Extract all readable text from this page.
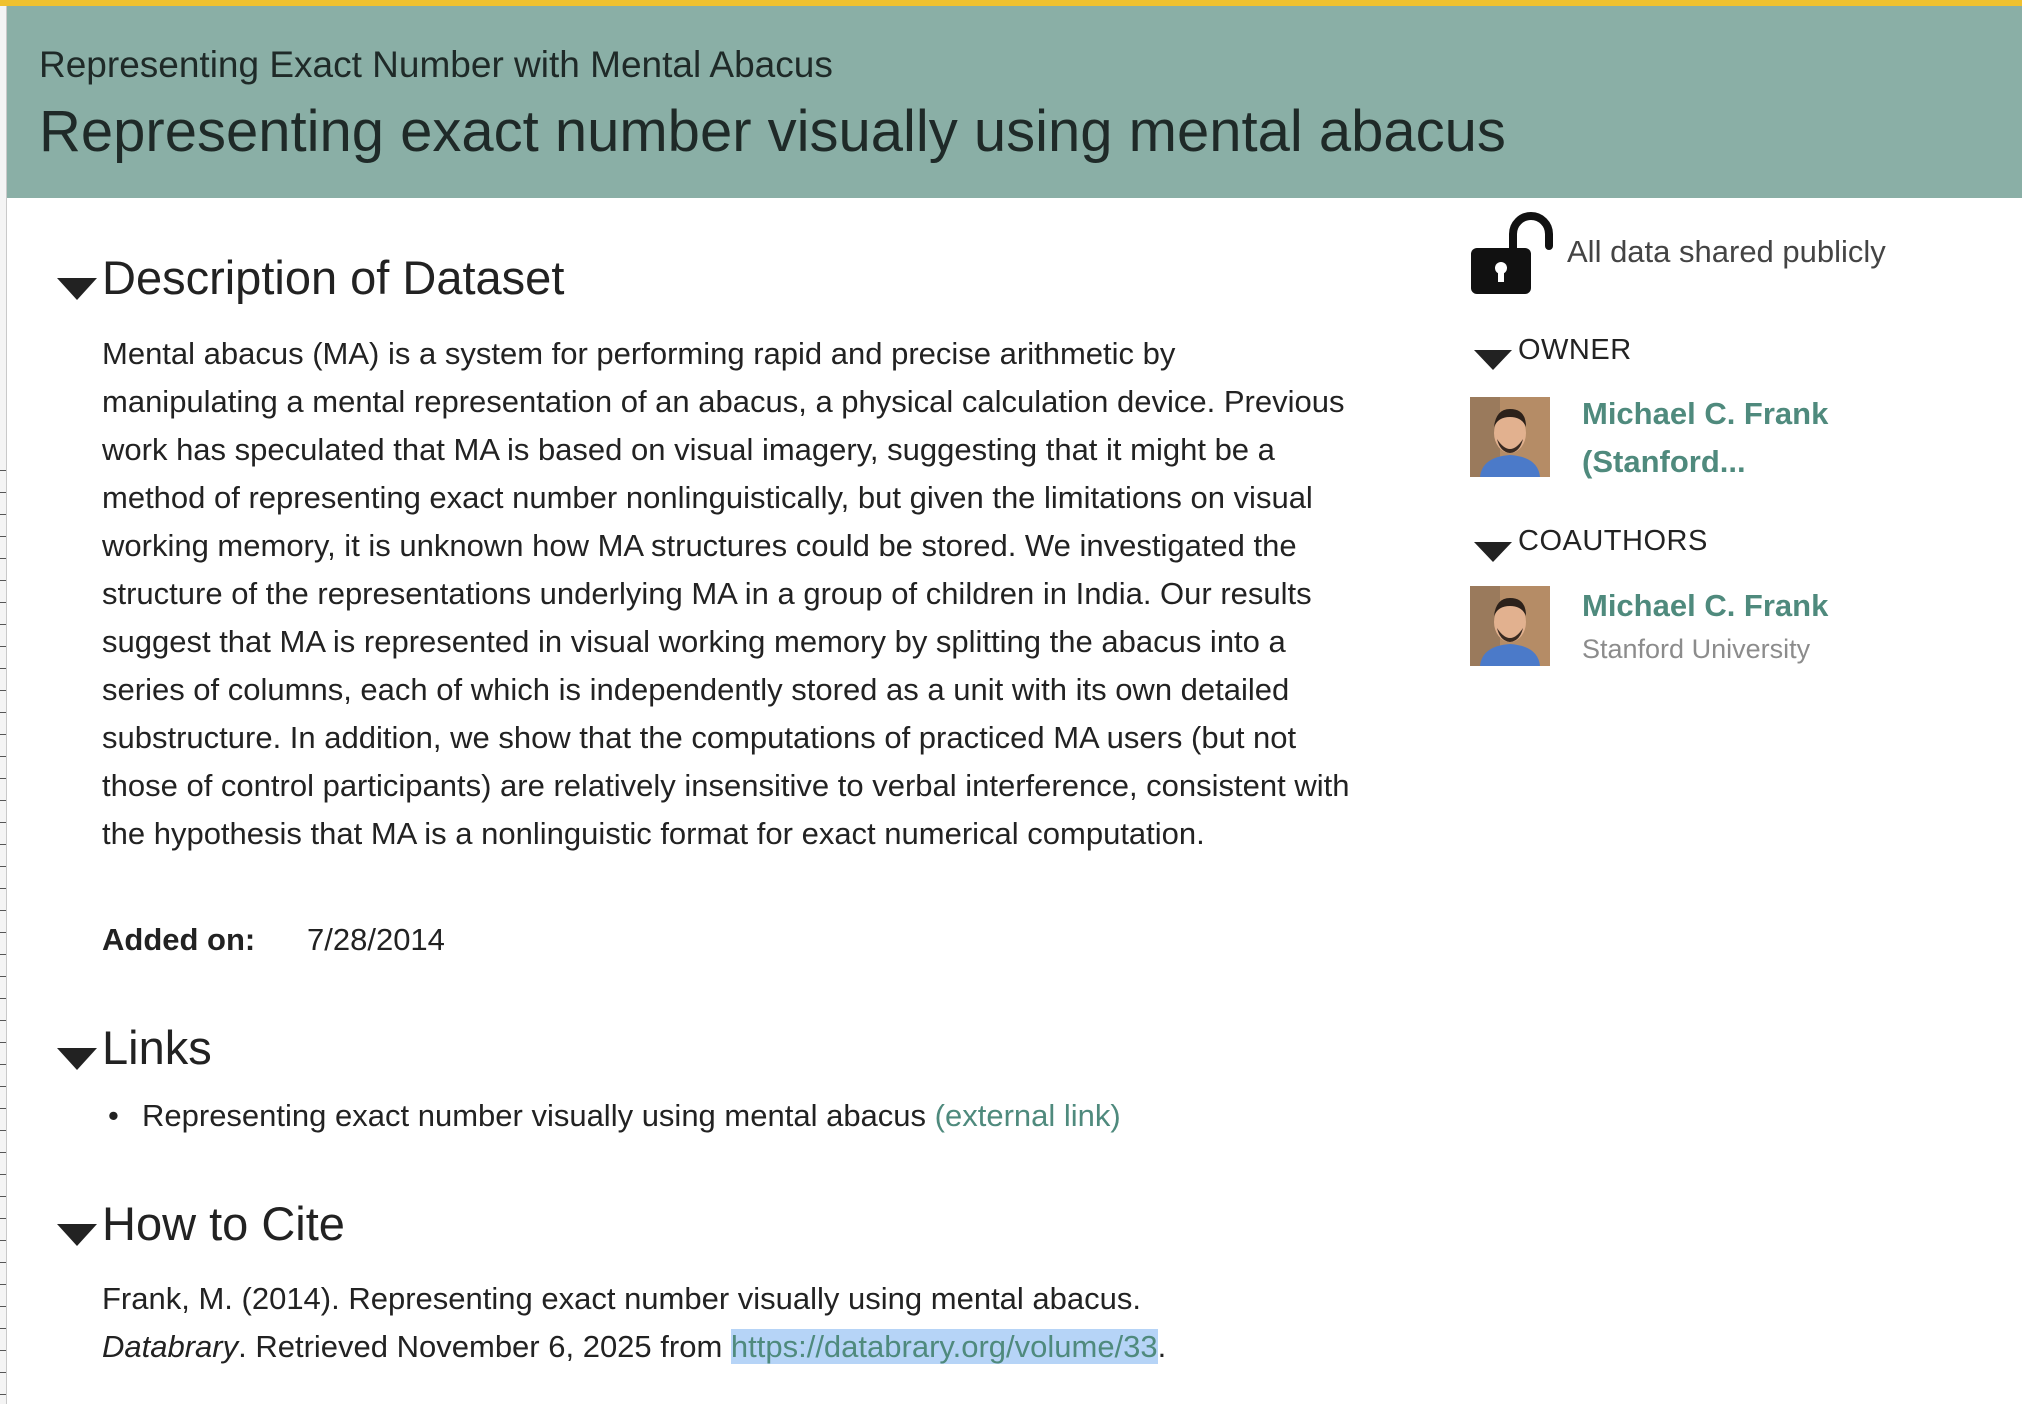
Representing Exact Number with Mental Abacus
Representing exact number visually using mental abacus
Description of Dataset
Mental abacus (MA) is a system for performing rapid and precise arithmetic by manipulating a mental representation of an abacus, a physical calculation device. Previous work has speculated that MA is based on visual imagery, suggesting that it might be a method of representing exact number nonlinguistically, but given the limitations on visual working memory, it is unknown how MA structures could be stored. We investigated the structure of the representations underlying MA in a group of children in India. Our results suggest that MA is represented in visual working memory by splitting the abacus into a series of columns, each of which is independently stored as a unit with its own detailed substructure. In addition, we show that the computations of practiced MA users (but not those of control participants) are relatively insensitive to verbal interference, consistent with the hypothesis that MA is a nonlinguistic format for exact numerical computation.
Added on: 7/28/2014
Links
• Representing exact number visually using mental abacus (external link)
How to Cite
Frank, M. (2014). Representing exact number visually using mental abacus. Databrary. Retrieved November 6, 2025 from https://databrary.org/volume/33.
All data shared publicly
OWNER
Michael C. Frank
(Stanford...
COAUTHORS
Michael C. Frank
Stanford University
